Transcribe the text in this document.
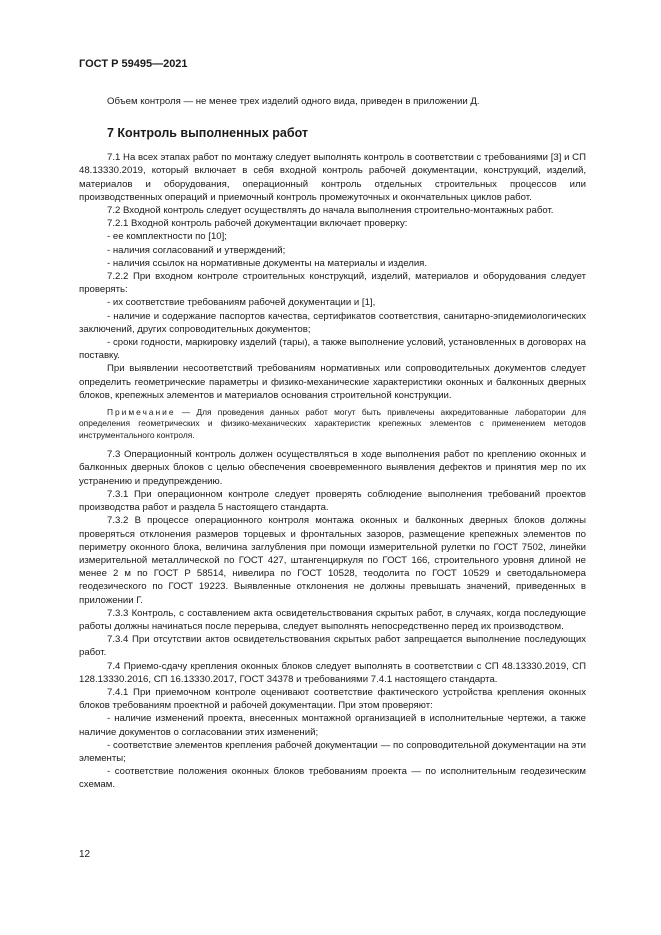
ГОСТ Р 59495—2021

Объем контроля — не менее трех изделий одного вида, приведен в приложении Д.

7 Контроль выполненных работ

7.1 На всех этапах работ по монтажу следует выполнять контроль в соответствии с требованиями [3] и СП 48.13330.2019, который включает в себя входной контроль рабочей документации, конструкций, изделий, материалов и оборудования, операционный контроль отдельных строительных процессов или производственных операций и приемочный контроль промежуточных и окончательных циклов работ.

7.2 Входной контроль следует осуществлять до начала выполнения строительно-монтажных работ.

7.2.1 Входной контроль рабочей документации включает проверку:

- ее комплектности по [10];

- наличия согласований и утверждений;

- наличия ссылок на нормативные документы на материалы и изделия.

7.2.2 При входном контроле строительных конструкций, изделий, материалов и оборудования следует проверять:

- их соответствие требованиям рабочей документации и [1],

- наличие и содержание паспортов качества, сертификатов соответствия, санитарно-эпидемиологических заключений, других сопроводительных документов;

- сроки годности, маркировку изделий (тары), а также выполнение условий, установленных в договорах на поставку.

При выявлении несоответствий требованиям нормативных или сопроводительных документов следует определить геометрические параметры и физико-механические характеристики оконных и балконных дверных блоков, крепежных элементов и материалов основания строительной конструкции.

Примечание — Для проведения данных работ могут быть привлечены аккредитованные лаборатории для определения геометрических и физико-механических характеристик крепежных элементов с применением методов инструментального контроля.

7.3 Операционный контроль должен осуществляться в ходе выполнения работ по креплению оконных и балконных дверных блоков с целью обеспечения своевременного выявления дефектов и принятия мер по их устранению и предупреждению.

7.3.1 При операционном контроле следует проверять соблюдение выполнения требований проектов производства работ и раздела 5 настоящего стандарта.

7.3.2 В процессе операционного контроля монтажа оконных и балконных дверных блоков должны проверяться отклонения размеров торцевых и фронтальных зазоров, размещение крепежных элементов по периметру оконного блока, величина заглубления при помощи измерительной рулетки по ГОСТ 7502, линейки измерительной металлической по ГОСТ 427, штангенциркуля по ГОСТ 166, строительного уровня длиной не менее 2 м по ГОСТ Р 58514, нивелира по ГОСТ 10528, теодолита по ГОСТ 10529 и светодальномера геодезического по ГОСТ 19223. Выявленные отклонения не должны превышать значений, приведенных в приложении Г.

7.3.3 Контроль, с составлением акта освидетельствования скрытых работ, в случаях, когда последующие работы должны начинаться после перерыва, следует выполнять непосредственно перед их производством.

7.3.4 При отсутствии актов освидетельствования скрытых работ запрещается выполнение последующих работ.

7.4 Приемо-сдачу крепления оконных блоков следует выполнять в соответствии с СП 48.13330.2019, СП 128.13330.2016, СП 16.13330.2017, ГОСТ 34378 и требованиями 7.4.1 настоящего стандарта.

7.4.1 При приемочном контроле оценивают соответствие фактического устройства крепления оконных блоков требованиям проектной и рабочей документации. При этом проверяют:

- наличие изменений проекта, внесенных монтажной организацией в исполнительные чертежи, а также наличие документов о согласовании этих изменений;

- соответствие элементов крепления рабочей документации — по сопроводительной документации на эти элементы;

- соответствие положения оконных блоков требованиям проекта — по исполнительным геодезическим схемам.

12
